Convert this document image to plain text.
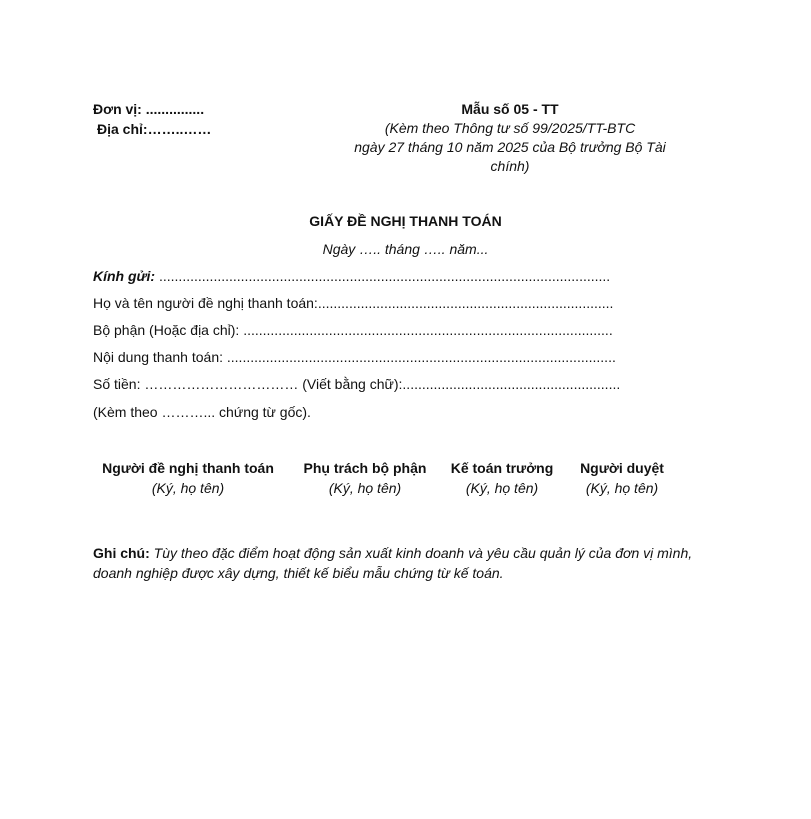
Đơn vị: ...............
Địa chỉ:……..……
Mẫu số 05 - TT
(Kèm theo Thông tư số 99/2025/TT-BTC
ngày 27 tháng 10 năm 2025 của Bộ trưởng Bộ Tài
chính)
GIẤY ĐỀ NGHỊ THANH TOÁN
Ngày ….. tháng ….. năm...
Kính gửi: ....................................................................................................................
Họ và tên người đề nghị thanh toán:............................................................................
Bộ phận (Hoặc địa chỉ): ...............................................................................................
Nội dung thanh toán: ....................................................................................................
Số tiền: …………………………… (Viết bằng chữ):........................................................
(Kèm theo ………... chứng từ gốc).
Người đề nghị thanh toán
(Ký, họ tên)
Phụ trách bộ phận
(Ký, họ tên)
Kế toán trưởng
(Ký, họ tên)
Người duyệt
(Ký, họ tên)
Ghi chú: Tùy theo đặc điểm hoạt động sản xuất kinh doanh và yêu cầu quản lý của đơn vị mình, doanh nghiệp được xây dựng, thiết kế biểu mẫu chứng từ kế toán.
